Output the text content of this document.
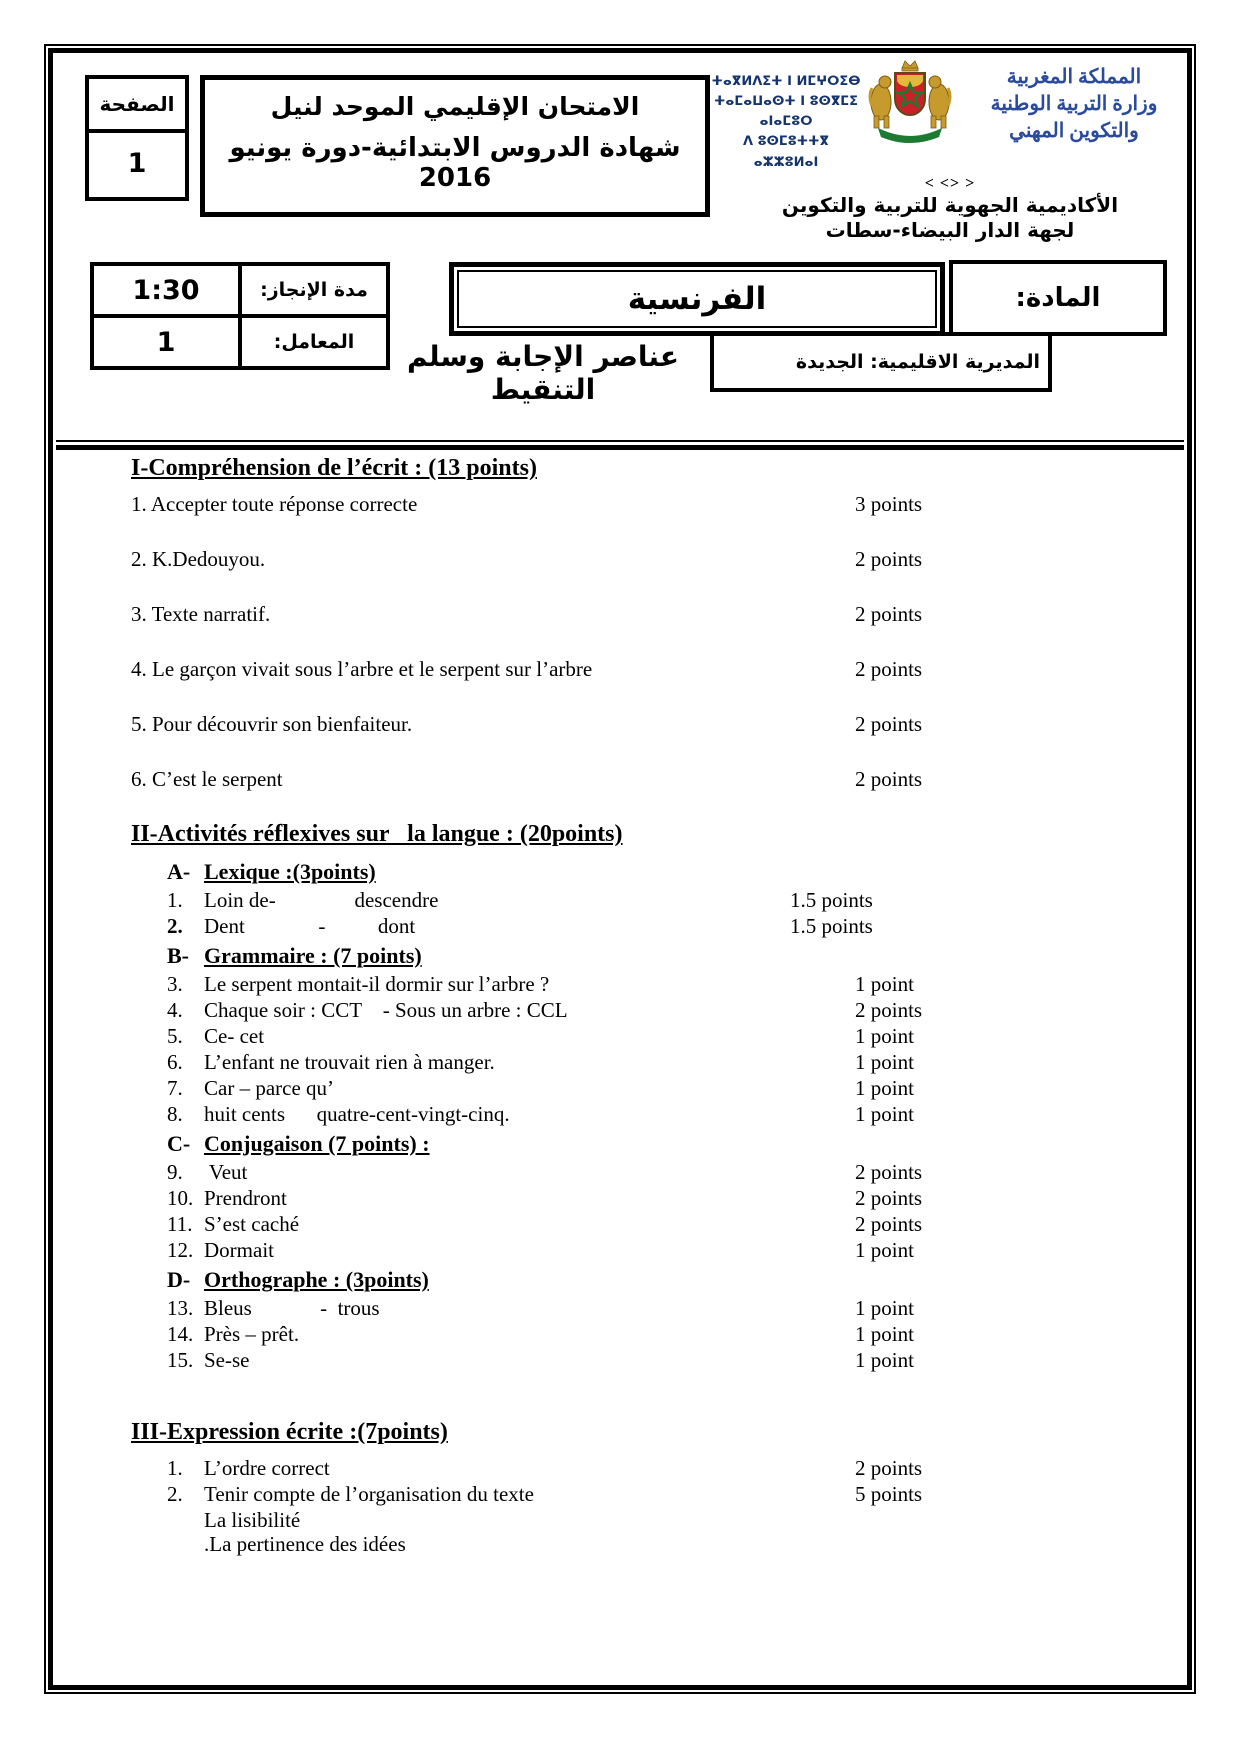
الصفحة
1
الامتحان الإقليمي الموحد لنيل
شهادة الدروس الابتدائية-دورة يونيو 2016
ⵜⴰⴳⵍⴷⵉⵜ ⵏ ⵍⵎⵖⵔⵉⴱ
ⵜⴰⵎⴰⵡⴰⵙⵜ ⵏ ⵓⵙⴳⵎⵉ ⴰⵏⴰⵎⵓⵔ
ⴷ ⵓⵙⵎⵓⵜⵜⴳ ⴰⵣⵣⵓⵍⴰⵏ
المملكة المغربية
وزارة التربية الوطنية
والتكوين المهني
< <> >
الأكاديمية الجهوية للتربية والتكوين
لجهة الدار البيضاء-سطات
1:30	مدة الإنجاز:
1	المعامل:
الفرنسية	المادة:
عناصر الإجابة وسلم التنقيط
المديرية الاقليمية: الجديدة
I-Compréhension de l’écrit : (13 points)
1. Accepter toute réponse correcte	3 points
2. K.Dedouyou.	2 points
3. Texte narratif.	2 points
4. Le garçon vivait sous l’arbre et le serpent sur l’arbre	2 points
5. Pour découvrir son bienfaiteur.	2 points
6. C’est le serpent	2 points
II-Activités réflexives sur   la langue : (20points)
A- Lexique :(3points)
1. Loin de-               descendre	1.5 points
2. Dent              -          dont	1.5 points
B- Grammaire : (7 points)
3. Le serpent montait-il dormir sur l’arbre ?	1 point
4. Chaque soir : CCT    - Sous un arbre : CCL	2 points
5. Ce- cet	1 point
6. L’enfant ne trouvait rien à manger.	1 point
7. Car – parce qu’	1 point
8. huit cents      quatre-cent-vingt-cinq.	1 point
C- Conjugaison (7 points) :
9. Veut	2 points
10. Prendront	2 points
11. S’est caché	2 points
12. Dormait	1 point
D- Orthographe : (3points)
13. Bleus             -  trous	1 point
14. Près – prêt.	1 point
15. Se-se	1 point
III-Expression écrite :(7points)
1. L’ordre correct	2 points
2. Tenir compte de l’organisation du texte	5 points
La lisibilité
.La pertinence des idées
